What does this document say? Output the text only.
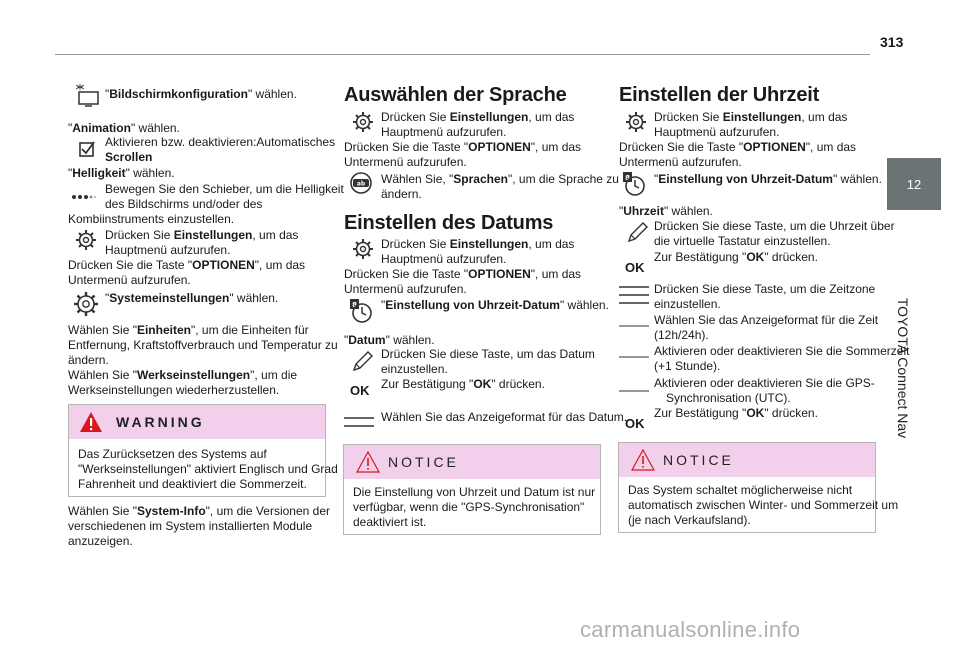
313
12
TOYOTA Connect Nav
"Bildschirmkonfiguration" wählen.
"Animation" wählen.
Aktivieren bzw. deaktivieren:Automatisches
Scrollen
"Helligkeit" wählen.
Bewegen Sie den Schieber, um die Helligkeit
des Bildschirms und/oder des
Kombiinstruments einzustellen.
Drücken Sie Einstellungen, um das
Hauptmenü aufzurufen.
Drücken Sie die Taste "OPTIONEN", um das
Untermenü aufzurufen.
"Systemeinstellungen" wählen.
Wählen Sie "Einheiten", um die Einheiten für
Entfernung, Kraftstoffverbrauch und Temperatur zu
ändern.
Wählen Sie "Werkseinstellungen", um die
Werkseinstellungen wiederherzustellen.
WARNING
Das Zurücksetzen des Systems auf
"Werkseinstellungen" aktiviert Englisch und Grad
Fahrenheit und deaktiviert die Sommerzeit.
Wählen Sie "System-Info", um die Versionen der
verschiedenen im System installierten Module
anzuzeigen.
Auswählen der Sprache
Drücken Sie Einstellungen, um das
Hauptmenü aufzurufen.
Drücken Sie die Taste "OPTIONEN", um das
Untermenü aufzurufen.
ab Wählen Sie, "Sprachen", um die Sprache zu
ändern.
Einstellen des Datums
Drücken Sie Einstellungen, um das
Hauptmenü aufzurufen.
Drücken Sie die Taste "OPTIONEN", um das
Untermenü aufzurufen.
8 "Einstellung von Uhrzeit-Datum" wählen.
"Datum" wählen.
Drücken Sie diese Taste, um das Datum
einzustellen.
OK Zur Bestätigung "OK" drücken.
Wählen Sie das Anzeigeformat für das Datum.
NOTICE
Die Einstellung von Uhrzeit und Datum ist nur
verfügbar, wenn die "GPS-Synchronisation"
deaktiviert ist.
Einstellen der Uhrzeit
Drücken Sie Einstellungen, um das
Hauptmenü aufzurufen.
Drücken Sie die Taste "OPTIONEN", um das
Untermenü aufzurufen.
8 "Einstellung von Uhrzeit-Datum" wählen.
"Uhrzeit" wählen.
Drücken Sie diese Taste, um die Uhrzeit über
die virtuelle Tastatur einzustellen.
OK
Zur Bestätigung "OK" drücken.
Drücken Sie diese Taste, um die Zeitzone
einzustellen.
Wählen Sie das Anzeigeformat für die Zeit
(12h/24h).
Aktivieren oder deaktivieren Sie die Sommerzeit
(+1 Stunde).
Aktivieren oder deaktivieren Sie die GPS-
Synchronisation (UTC).
OK
Zur Bestätigung "OK" drücken.
NOTICE
Das System schaltet möglicherweise nicht
automatisch zwischen Winter- und Sommerzeit um
(je nach Verkaufsland).
carmanualsonline.info
